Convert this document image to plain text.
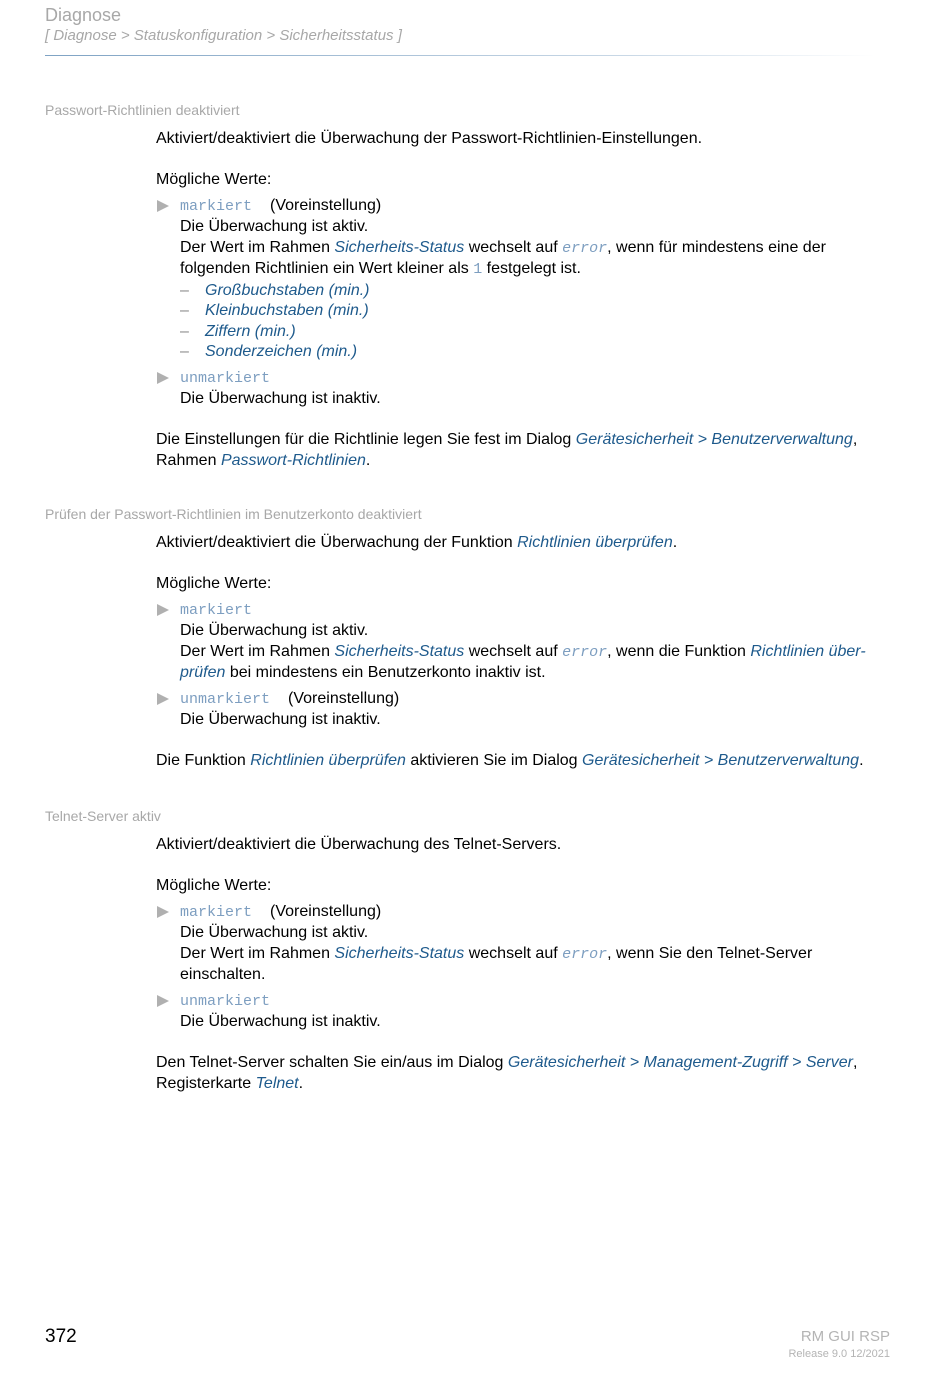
Diagnose
[ Diagnose > Statuskonfiguration > Sicherheitsstatus ]
Passwort-Richtlinien deaktiviert

Aktiviert/deaktiviert die Überwachung der Passwort-Richtlinien-Einstellungen.

Mögliche Werte:

markiert (Voreinstellung)

Die Überwachung ist aktiv.

Der Wert im Rahmen Sicherheits-Status wechselt auf error, wenn für mindestens eine der

folgenden Richtlinien ein Wert kleiner als 1 festgelegt ist.

– Großbuchstaben (min.)
– Kleinbuchstaben (min.)
– Ziffern (min.)
– Sonderzeichen (min.)

unmarkiert

Die Überwachung ist inaktiv.

Die Einstellungen für die Richtlinie legen Sie fest im Dialog Gerätesicherheit > Benutzerverwaltung,

Rahmen Passwort-Richtlinien.

Prüfen der Passwort-Richtlinien im Benutzerkonto deaktiviert

Aktiviert/deaktiviert die Überwachung der Funktion Richtlinien überprüfen.

Mögliche Werte:

markiert

Die Überwachung ist aktiv.

Der Wert im Rahmen Sicherheits-Status wechselt auf error, wenn die Funktion Richtlinien über-

prüfen bei mindestens ein Benutzerkonto inaktiv ist.

unmarkiert (Voreinstellung)

Die Überwachung ist inaktiv.

Die Funktion Richtlinien überprüfen aktivieren Sie im Dialog Gerätesicherheit > Benutzerverwaltung.

Telnet-Server aktiv

Aktiviert/deaktiviert die Überwachung des Telnet-Servers.

Mögliche Werte:

markiert (Voreinstellung)

Die Überwachung ist aktiv.

Der Wert im Rahmen Sicherheits-Status wechselt auf error, wenn Sie den Telnet-Server

einschalten.

unmarkiert

Die Überwachung ist inaktiv.

Den Telnet-Server schalten Sie ein/aus im Dialog Gerätesicherheit > Management-Zugriff > Server,

Registerkarte Telnet.

372	RM GUI RSP
Release 9.0 12/2021
